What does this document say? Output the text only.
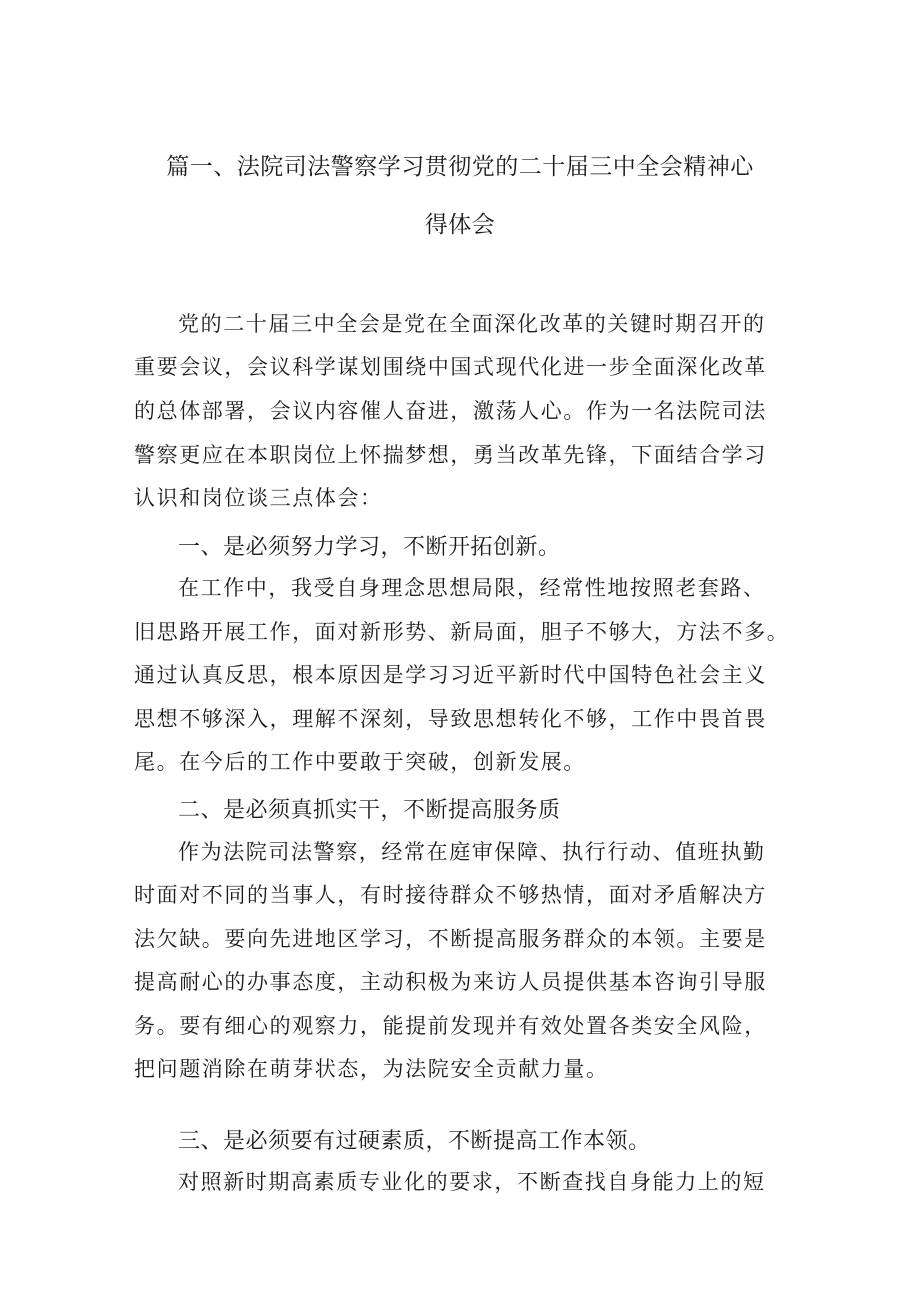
篇一、法院司法警察学习贯彻党的二十届三中全会精神心
得体会
党的二十届三中全会是党在全面深化改革的关键时期召开的
重要会议，会议科学谋划围绕中国式现代化进一步全面深化改革
的总体部署，会议内容催人奋进，激荡人心。作为一名法院司法
警察更应在本职岗位上怀揣梦想，勇当改革先锋，下面结合学习
认识和岗位谈三点体会：
一、是必须努力学习，不断开拓创新。
在工作中，我受自身理念思想局限，经常性地按照老套路、
旧思路开展工作，面对新形势、新局面，胆子不够大，方法不多。
通过认真反思，根本原因是学习习近平新时代中国特色社会主义
思想不够深入，理解不深刻，导致思想转化不够，工作中畏首畏
尾。在今后的工作中要敢于突破，创新发展。
二、是必须真抓实干，不断提高服务质
作为法院司法警察，经常在庭审保障、执行行动、值班执勤
时面对不同的当事人，有时接待群众不够热情，面对矛盾解决方
法欠缺。要向先进地区学习，不断提高服务群众的本领。主要是
提高耐心的办事态度，主动积极为来访人员提供基本咨询引导服
务。要有细心的观察力，能提前发现并有效处置各类安全风险，
把问题消除在萌芽状态，为法院安全贡献力量。
三、是必须要有过硬素质，不断提高工作本领。
对照新时期高素质专业化的要求，不断查找自身能力上的短
